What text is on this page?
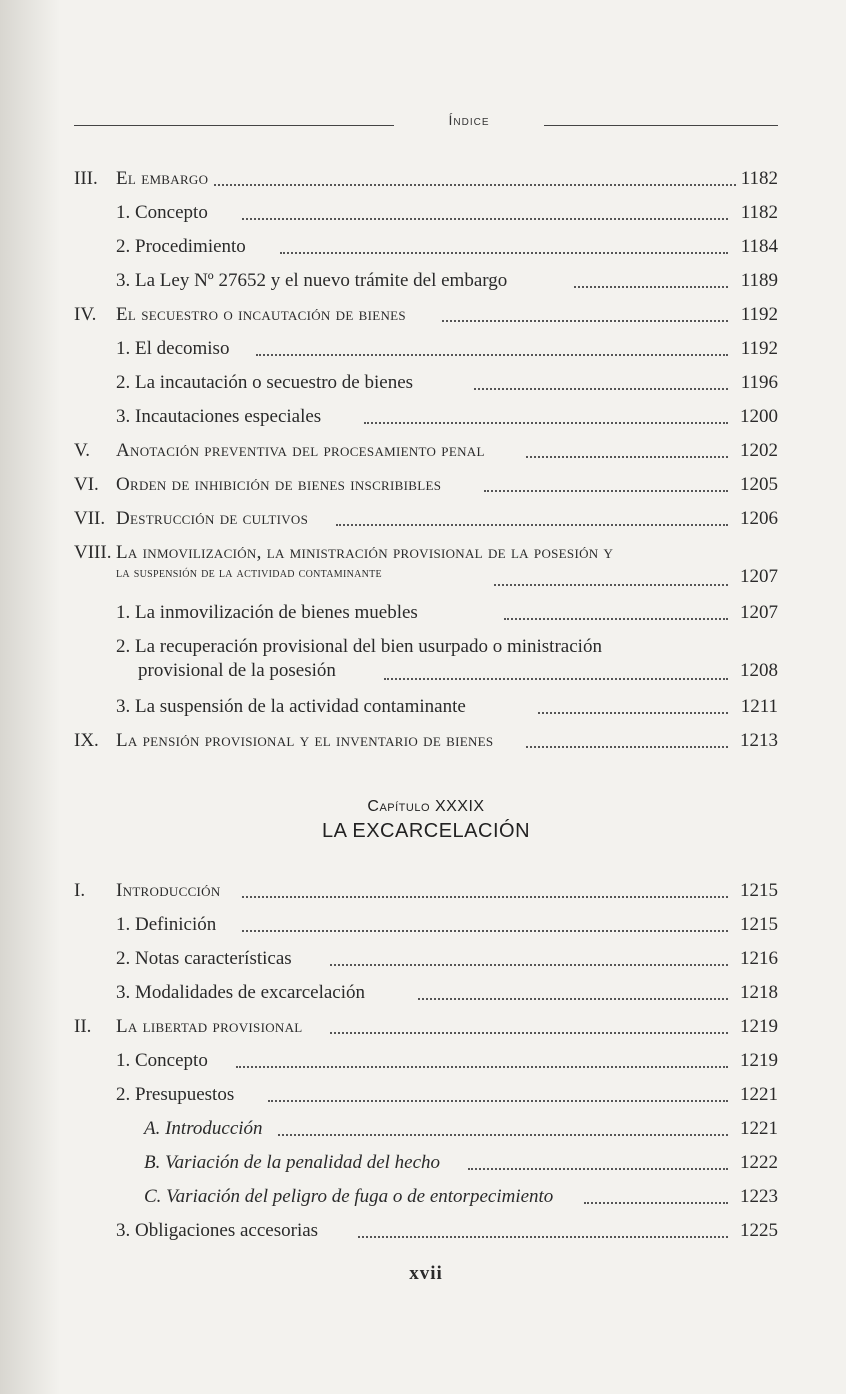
Índice
III. El embargo	1182
1. Concepto	1182
2. Procedimiento	1184
3. La Ley Nº 27652 y el nuevo trámite del embargo	1189
IV. El secuestro o incautación de bienes	1192
1. El decomiso	1192
2. La incautación o secuestro de bienes	1196
3. Incautaciones especiales	1200
V. Anotación preventiva del procesamiento penal	1202
VI. Orden de inhibición de bienes inscribibles	1205
VII. Destrucción de cultivos	1206
VIII. La inmovilización, la ministración provisional de la posesión y
la suspensión de la actividad contaminante	1207
1. La inmovilización de bienes muebles	1207
2. La recuperación provisional del bien usurpado o ministración
provisional de la posesión	1208
3. La suspensión de la actividad contaminante	1211
IX. La pensión provisional y el inventario de bienes	1213
Capítulo XXXIX
LA EXCARCELACIÓN
I. Introducción	1215
1. Definición	1215
2. Notas características	1216
3. Modalidades de excarcelación	1218
II. La libertad provisional	1219
1. Concepto	1219
2. Presupuestos	1221
A. Introducción	1221
B. Variación de la penalidad del hecho	1222
C. Variación del peligro de fuga o de entorpecimiento	1223
3. Obligaciones accesorias	1225
xvii
